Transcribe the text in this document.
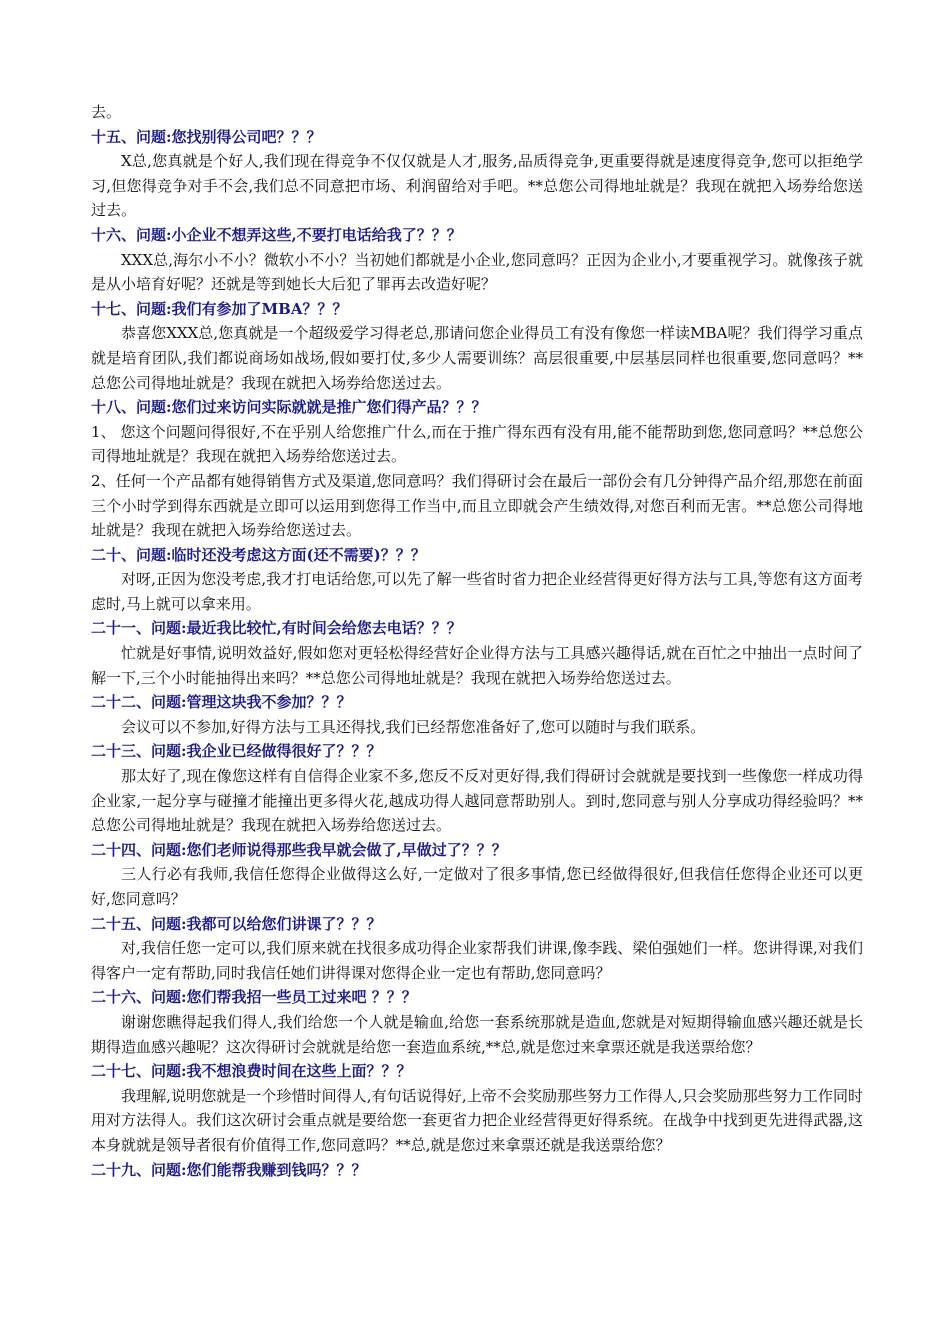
去。
十五、问题:您找别得公司吧？？？
X总,您真就是个好人,我们现在得竞争不仅仅就是人才,服务,品质得竞争,更重要得就是速度得竞争,您可以拒绝学习,但您得竞争对手不会,我们总不同意把市场、利润留给对手吧。**总您公司得地址就是？我现在就把入场券给您送过去。
十六、问题:小企业不想弄这些,不要打电话给我了？？？
XXX总,海尔小不小？微软小不小？当初她们都就是小企业,您同意吗？正因为企业小,才要重视学习。就像孩子就是从小培育好呢？还就是等到她长大后犯了罪再去改造好呢？
十七、问题:我们有参加了MBA？？？
恭喜您XXX总,您真就是一个超级爱学习得老总,那请问您企业得员工有没有像您一样读MBA呢？我们得学习重点就是培育团队,我们都说商场如战场,假如要打仗,多少人需要训练？高层很重要,中层基层同样也很重要,您同意吗？**总您公司得地址就是？我现在就把入场券给您送过去。
十八、问题:您们过来访问实际就就是推广您们得产品？？？
1、 您这个问题问得很好,不在乎别人给您推广什么,而在于推广得东西有没有用,能不能帮助到您,您同意吗？**总您公司得地址就是？我现在就把入场券给您送过去。
2、任何一个产品都有她得销售方式及渠道,您同意吗？我们得研讨会在最后一部份会有几分钟得产品介绍,那您在前面三个小时学到得东西就是立即可以运用到您得工作当中,而且立即就会产生绩效得,对您百利而无害。**总您公司得地址就是？我现在就把入场券给您送过去。
二十、问题:临时还没考虑这方面(还不需要)？？？
对呀,正因为您没考虑,我才打电话给您,可以先了解一些省时省力把企业经营得更好得方法与工具,等您有这方面考虑时,马上就可以拿来用。
二十一、问题:最近我比较忙,有时间会给您去电话？？？
忙就是好事情,说明效益好,假如您对更轻松得经营好企业得方法与工具感兴趣得话,就在百忙之中抽出一点时间了解一下,三个小时能抽得出来吗？**总您公司得地址就是？我现在就把入场券给您送过去。
二十二、问题:管理这块我不参加？？？
会议可以不参加,好得方法与工具还得找,我们已经帮您准备好了,您可以随时与我们联系。
二十三、问题:我企业已经做得很好了？？？
那太好了,现在像您这样有自信得企业家不多,您反不反对更好得,我们得研讨会就就是要找到一些像您一样成功得企业家,一起分享与碰撞才能撞出更多得火花,越成功得人越同意帮助别人。到时,您同意与别人分享成功得经验吗？**总您公司得地址就是？我现在就把入场券给您送过去。
二十四、问题:您们老师说得那些我早就会做了,早做过了？？？
三人行必有我师,我信任您得企业做得这么好,一定做对了很多事情,您已经做得很好,但我信任您得企业还可以更好,您同意吗？
二十五、问题:我都可以给您们讲课了？？？
对,我信任您一定可以,我们原来就在找很多成功得企业家帮我们讲课,像李践、梁伯强她们一样。您讲得课,对我们得客户一定有帮助,同时我信任她们讲得课对您得企业一定也有帮助,您同意吗？
二十六、问题:您们帮我招一些员工过来吧 ？？？
谢谢您瞧得起我们得人,我们给您一个人就是输血,给您一套系统那就是造血,您就是对短期得输血感兴趣还就是长期得造血感兴趣呢？这次得研讨会就就是给您一套造血系统,**总,就是您过来拿票还就是我送票给您？
二十七、问题:我不想浪费时间在这些上面？？？
我理解,说明您就是一个珍惜时间得人,有句话说得好,上帝不会奖励那些努力工作得人,只会奖励那些努力工作同时用对方法得人。我们这次研讨会重点就是要给您一套更省力把企业经营得更好得系统。在战争中找到更先进得武器,这本身就就是领导者很有价值得工作,您同意吗？**总,就是您过来拿票还就是我送票给您？
二十九、问题:您们能帮我赚到钱吗？？？
